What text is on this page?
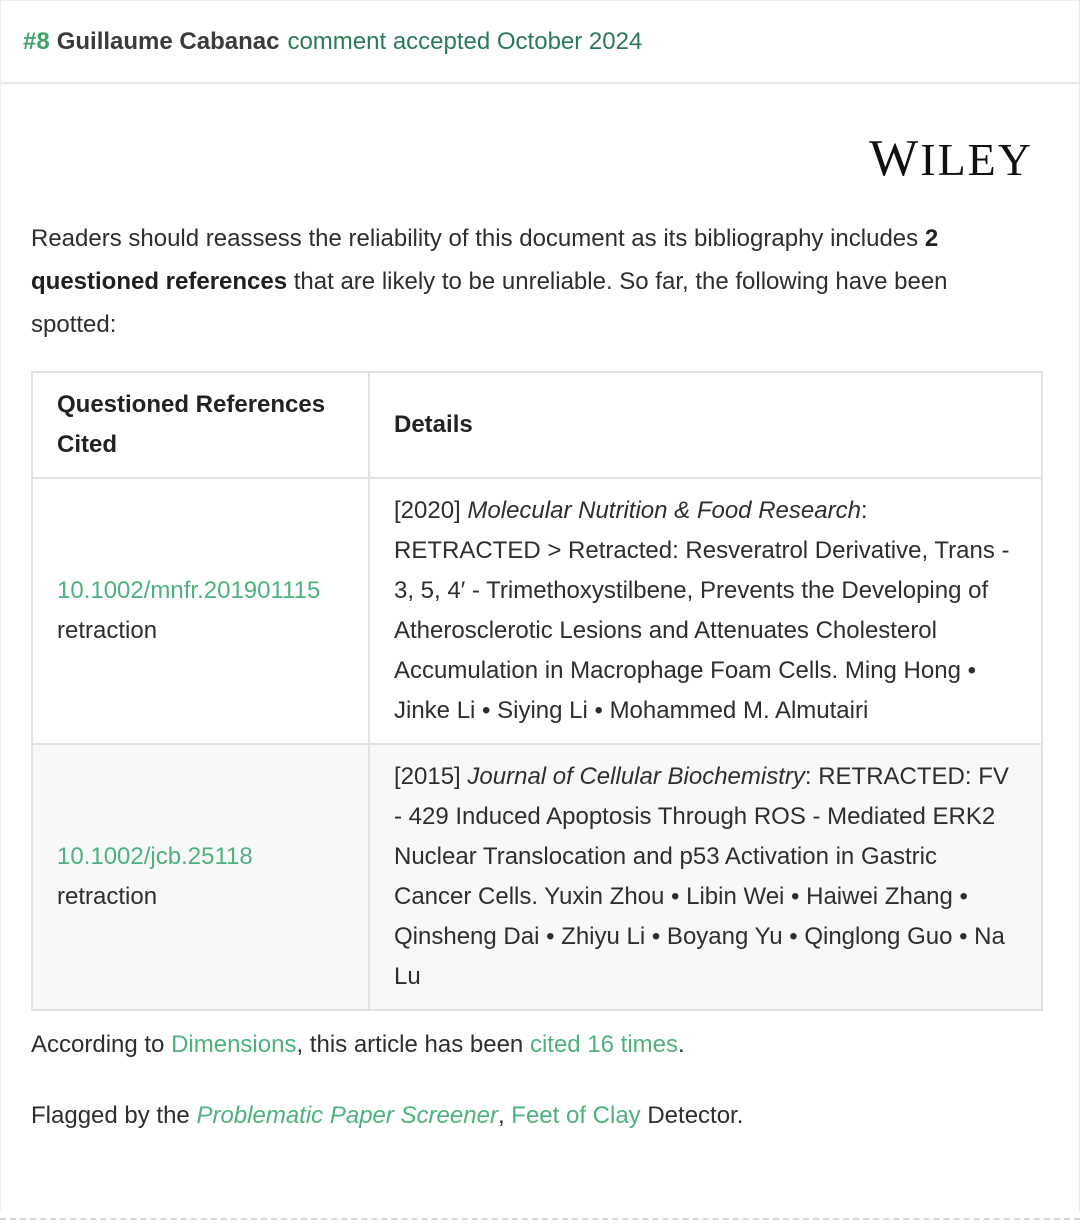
#8 Guillaume Cabanac comment accepted October 2024
WILEY
Readers should reassess the reliability of this document as its bibliography includes 2 questioned references that are likely to be unreliable. So far, the following have been spotted:
Questioned References Cited	Details
10.1002/mnfr.201901115
retraction	[2020] Molecular Nutrition & Food Research: RETRACTED > Retracted: Resveratrol Derivative, Trans ‐ 3, 5, 4′ ‐ Trimethoxystilbene, Prevents the Developing of Atherosclerotic Lesions and Attenuates Cholesterol Accumulation in Macrophage Foam Cells. Ming Hong • Jinke Li • Siying Li • Mohammed M. Almutairi
10.1002/jcb.25118
retraction	[2015] Journal of Cellular Biochemistry: RETRACTED: FV ‐ 429 Induced Apoptosis Through ROS ‐ Mediated ERK2 Nuclear Translocation and p53 Activation in Gastric Cancer Cells. Yuxin Zhou • Libin Wei • Haiwei Zhang • Qinsheng Dai • Zhiyu Li • Boyang Yu • Qinglong Guo • Na Lu
According to Dimensions, this article has been cited 16 times.
Flagged by the Problematic Paper Screener, Feet of Clay Detector.
